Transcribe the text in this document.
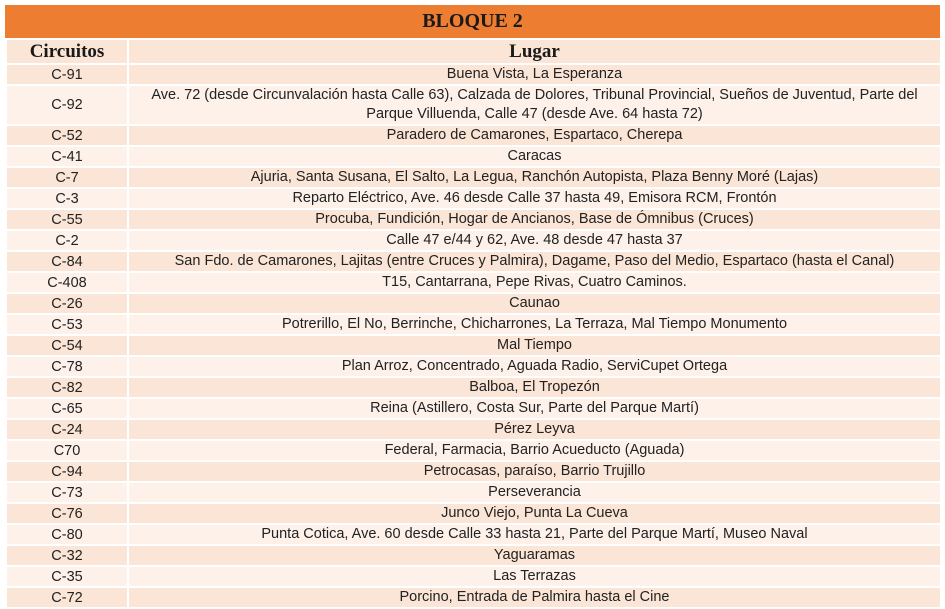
BLOQUE 2
Circuitos	Lugar
C-91	Buena Vista, La Esperanza
C-92	Ave. 72 (desde Circunvalación hasta Calle 63), Calzada de Dolores, Tribunal Provincial, Sueños de Juventud, Parte del Parque Villuenda, Calle 47 (desde Ave. 64 hasta 72)
C-52	Paradero de Camarones, Espartaco, Cherepa
C-41	Caracas
C-7	Ajuria, Santa Susana, El Salto, La Legua, Ranchón Autopista, Plaza Benny Moré (Lajas)
C-3	Reparto Eléctrico, Ave. 46 desde Calle 37 hasta 49, Emisora RCM, Frontón
C-55	Procuba, Fundición, Hogar de Ancianos, Base de Ómnibus (Cruces)
C-2	Calle 47 e/44 y 62, Ave. 48 desde 47 hasta 37
C-84	San Fdo. de Camarones, Lajitas (entre Cruces y Palmira), Dagame, Paso del Medio, Espartaco (hasta el Canal)
C-408	T15, Cantarrana, Pepe Rivas, Cuatro Caminos.
C-26	Caunao
C-53	Potrerillo, El No, Berrinche, Chicharrones, La Terraza, Mal Tiempo Monumento
C-54	Mal Tiempo
C-78	Plan Arroz, Concentrado, Aguada Radio, ServiCupet Ortega
C-82	Balboa, El Tropezón
C-65	Reina (Astillero, Costa Sur, Parte del Parque Martí)
C-24	Pérez Leyva
C70	Federal, Farmacia, Barrio Acueducto (Aguada)
C-94	Petrocasas, paraíso, Barrio Trujillo
C-73	Perseverancia
C-76	Junco Viejo, Punta La Cueva
C-80	Punta Cotica, Ave. 60 desde Calle 33 hasta 21, Parte del Parque Martí, Museo Naval
C-32	Yaguaramas
C-35	Las Terrazas
C-72	Porcino, Entrada de Palmira hasta el Cine
